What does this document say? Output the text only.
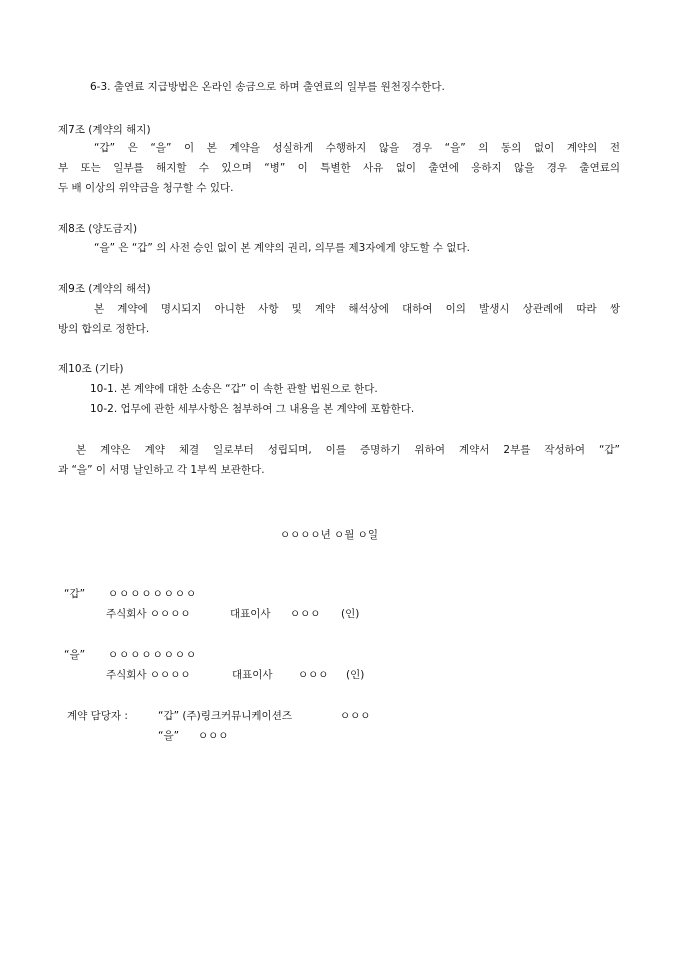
6-3. 출연료 지급방법은 온라인 송금으로 하며 출연료의 일부를 원천징수한다.
제7조 (계약의 해지)
“갑” 은 “을” 이 본 계약을 성실하게 수행하지 않을 경우 “을” 의 동의 없이 계약의 전
부 또는 일부를 해지할 수 있으며 “병” 이 특별한 사유 없이 출연에 응하지 않을 경우 출연료의
두 배 이상의 위약금을 청구할 수 있다.
제8조 (양도금지)
“을” 은 “갑” 의 사전 승인 없이 본 계약의 권리, 의무를 제3자에게 양도할 수 없다.
제9조 (계약의 해석)
본 계약에 명시되지 아니한 사항 및 계약 해석상에 대하여 이의 발생시 상관례에 따라 쌍
방의 합의로 정한다.
제10조 (기타)
10-1. 본 계약에 대한 소송은 “갑” 이 속한 관할 법원으로 한다.
10-2. 업무에 관한 세부사항은 첨부하여 그 내용을 본 계약에 포함한다.
본 계약은 계약 체결 일로부터 성립되며, 이를 증명하기 위하여 계약서 2부를 작성하여 “갑”
과 “을” 이 서명 날인하고 각 1부씩 보관한다.
ㅇㅇㅇㅇ년 ㅇ월 ㅇ일
“갑” ㅇㅇㅇㅇㅇㅇㅇㅇ
주식회사 ㅇㅇㅇㅇ	대표이사 ㅇㅇㅇ (인)
“을” ㅇㅇㅇㅇㅇㅇㅇㅇ
주식회사 ㅇㅇㅇㅇ	대표이사 ㅇㅇㅇ (인)
계약 담당자 :	“갑” (주)링크커뮤니케이션즈	ㅇㅇㅇ
“을” ㅇㅇㅇ
